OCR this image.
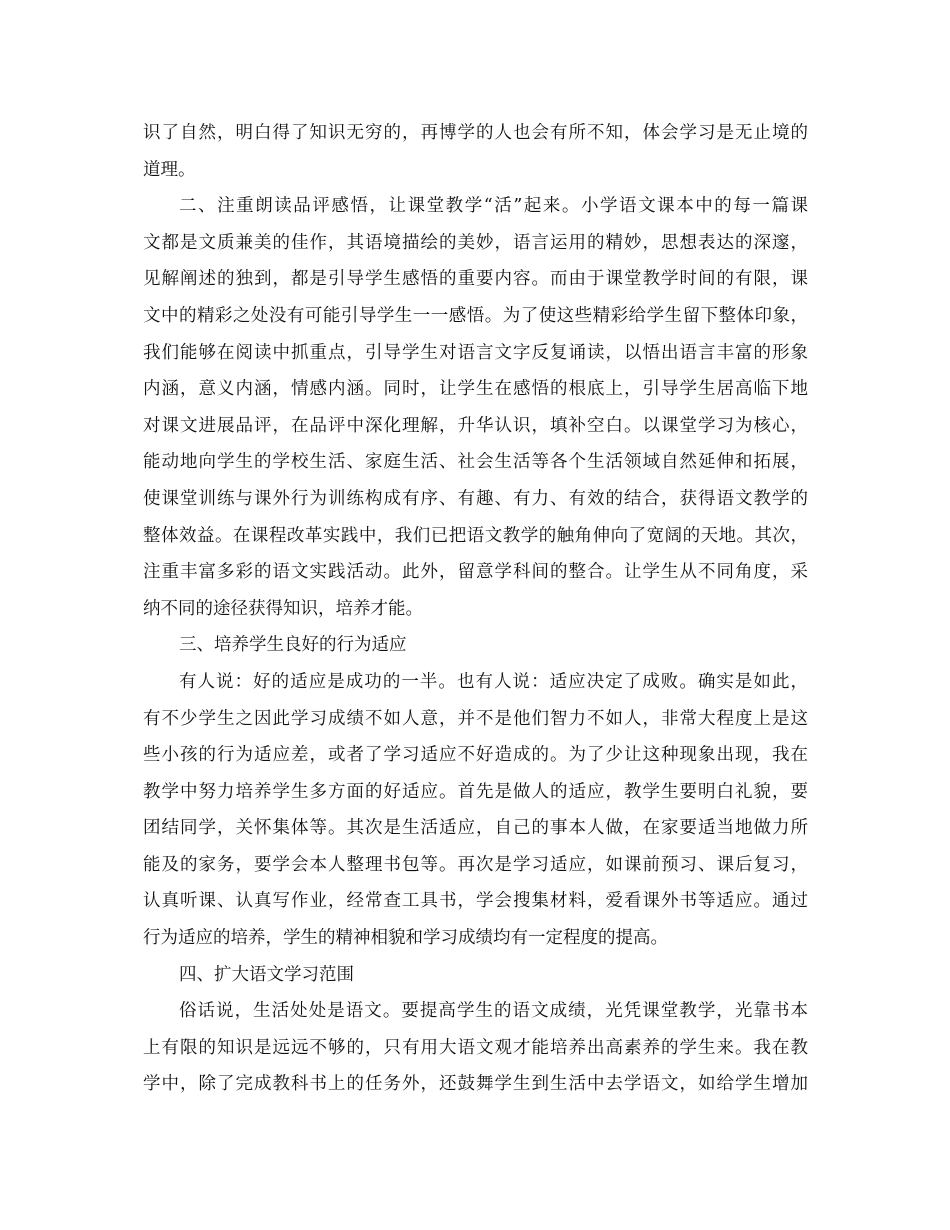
识了自然，明白得了知识无穷的，再博学的人也会有所不知，体会学习是无止境的
道理。
二、注重朗读品评感悟，让课堂教学“活”起来。小学语文课本中的每一篇课
文都是文质兼美的佳作，其语境描绘的美妙，语言运用的精妙，思想表达的深邃，
见解阐述的独到，都是引导学生感悟的重要内容。而由于课堂教学时间的有限，课
文中的精彩之处没有可能引导学生一一感悟。为了使这些精彩给学生留下整体印象，
我们能够在阅读中抓重点，引导学生对语言文字反复诵读，以悟出语言丰富的形象
内涵，意义内涵，情感内涵。同时，让学生在感悟的根底上，引导学生居高临下地
对课文进展品评，在品评中深化理解，升华认识，填补空白。以课堂学习为核心，
能动地向学生的学校生活、家庭生活、社会生活等各个生活领域自然延伸和拓展，
使课堂训练与课外行为训练构成有序、有趣、有力、有效的结合，获得语文教学的
整体效益。在课程改革实践中，我们已把语文教学的触角伸向了宽阔的天地。其次，
注重丰富多彩的语文实践活动。此外，留意学科间的整合。让学生从不同角度，采
纳不同的途径获得知识，培养才能。
三、培养学生良好的行为适应
有人说：好的适应是成功的一半。也有人说：适应决定了成败。确实是如此，
有不少学生之因此学习成绩不如人意，并不是他们智力不如人，非常大程度上是这
些小孩的行为适应差，或者了学习适应不好造成的。为了少让这种现象出现，我在
教学中努力培养学生多方面的好适应。首先是做人的适应，教学生要明白礼貌，要
团结同学，关怀集体等。其次是生活适应，自己的事本人做，在家要适当地做力所
能及的家务，要学会本人整理书包等。再次是学习适应，如课前预习、课后复习，
认真听课、认真写作业，经常查工具书，学会搜集材料，爱看课外书等适应。通过
行为适应的培养，学生的精神相貌和学习成绩均有一定程度的提高。
四、扩大语文学习范围
俗话说，生活处处是语文。要提高学生的语文成绩，光凭课堂教学，光靠书本
上有限的知识是远远不够的，只有用大语文观才能培养出高素养的学生来。我在教
学中，除了完成教科书上的任务外，还鼓舞学生到生活中去学语文，如给学生增加
